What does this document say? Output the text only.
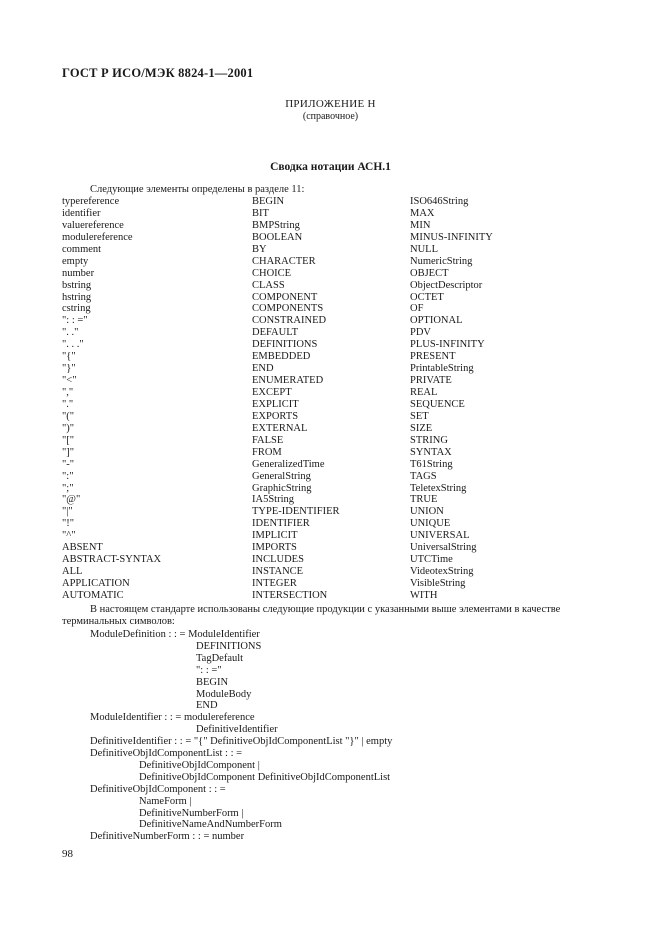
ГОСТ Р ИСО/МЭК 8824-1—2001
ПРИЛОЖЕНИЕ Н
(справочное)
Сводка нотации АСН.1
Следующие элементы определены в разделе 11:
typereference
identifier
valuereference
modulereference
comment
empty
number
bstring
hstring
cstring
": : ="
". ."
". . ."
"{"
"}"
"<"
","
"."
"("
")"
"["
"]"
"-"
":"
";"
"@"
"|"
"!"
"^"
ABSENT
ABSTRACT-SYNTAX
ALL
APPLICATION
AUTOMATIC
BEGIN
BIT
BMPString
BOOLEAN
BY
CHARACTER
CHOICE
CLASS
COMPONENT
COMPONENTS
CONSTRAINED
DEFAULT
DEFINITIONS
EMBEDDED
END
ENUMERATED
EXCEPT
EXPLICIT
EXPORTS
EXTERNAL
FALSE
FROM
GeneralizedTime
GeneralString
GraphicString
IA5String
TYPE-IDENTIFIER
IDENTIFIER
IMPLICIT
IMPORTS
INCLUDES
INSTANCE
INTEGER
INTERSECTION
ISO646String
MAX
MIN
MINUS-INFINITY
NULL
NumericString
OBJECT
ObjectDescriptor
OCTET
OF
OPTIONAL
PDV
PLUS-INFINITY
PRESENT
PrintableString
PRIVATE
REAL
SEQUENCE
SET
SIZE
STRING
SYNTAX
T61String
TAGS
TeletexString
TRUE
UNION
UNIQUE
UNIVERSAL
UniversalString
UTCTime
VideotexString
VisibleString
WITH
В настоящем стандарте использованы следующие продукции с указанными выше элементами в качестве терминальных символов:
ModuleDefinition : : = ModuleIdentifier
DEFINITIONS
TagDefault
": : ="
BEGIN
ModuleBody
END
ModuleIdentifier : : = modulereference
DefinitiveIdentifier
DefinitiveIdentifier : : = "{" DefinitiveObjIdComponentList "}" | empty
DefinitiveObjIdComponentList : : =
DefinitiveObjIdComponent |
DefinitiveObjIdComponent DefinitiveObjIdComponentList
DefinitiveObjIdComponent : : =
NameForm |
DefinitiveNumberForm |
DefinitiveNameAndNumberForm
DefinitiveNumberForm : : = number
98
